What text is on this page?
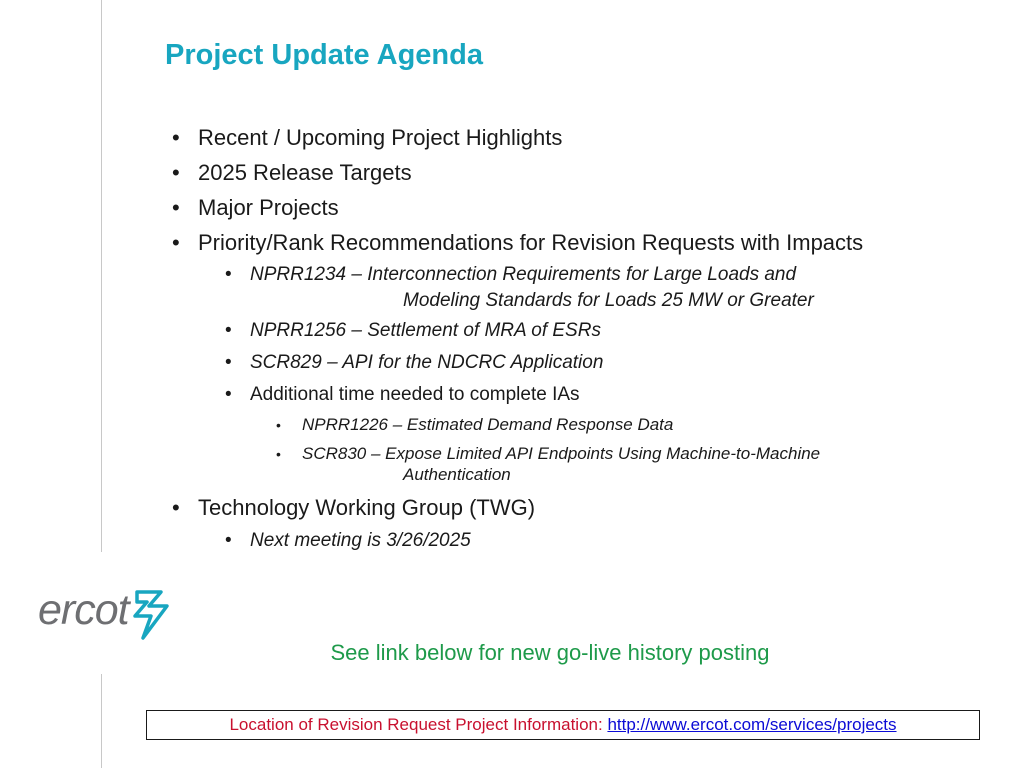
Project Update Agenda
• Recent / Upcoming Project Highlights
• 2025 Release Targets
• Major Projects
• Priority/Rank Recommendations for Revision Requests with Impacts
• NPRR1234 – Interconnection Requirements for Large Loads and
Modeling Standards for Loads 25 MW or Greater
• NPRR1256 – Settlement of MRA of ESRs
• SCR829 – API for the NDCRC Application
• Additional time needed to complete IAs
• NPRR1226 – Estimated Demand Response Data
• SCR830 – Expose Limited API Endpoints Using Machine-to-Machine
Authentication
• Technology Working Group (TWG)
• Next meeting is 3/26/2025
ercot
See link below for new go-live history posting
Location of Revision Request Project Information: http://www.ercot.com/services/projects
